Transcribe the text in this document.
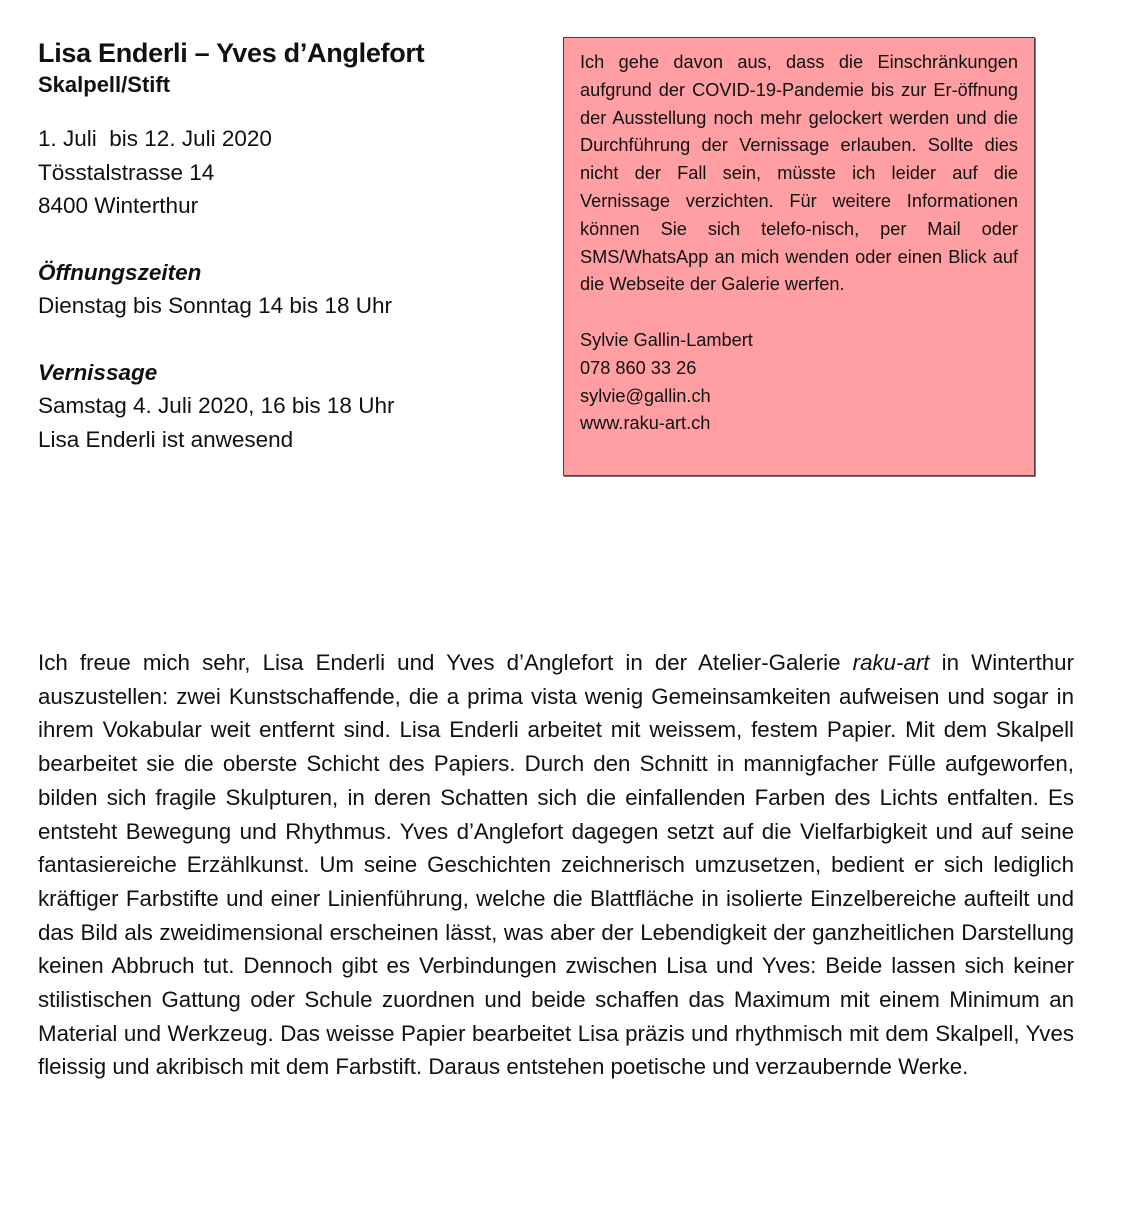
Lisa Enderli – Yves d’Anglefort
Skalpell/Stift

1. Juli  bis 12. Juli 2020

Tösstalstrasse 14

8400 Winterthur

Öffnungszeiten

Dienstag bis Sonntag 14 bis 18 Uhr

Vernissage

Samstag 4. Juli 2020, 16 bis 18 Uhr

Lisa Enderli ist anwesend

Ich gehe davon aus, dass die Einschränkungen aufgrund der COVID-19-Pandemie bis zur Er-öffnung der Ausstellung noch mehr gelockert werden und die Durchführung der Vernissage erlauben. Sollte dies nicht der Fall sein, müsste ich leider auf die Vernissage verzichten. Für weitere Informationen können Sie sich telefo-nisch, per Mail oder SMS/WhatsApp an mich wenden oder einen Blick auf die Webseite der Galerie werfen.

Sylvie Gallin-Lambert
078 860 33 26
sylvie@gallin.ch
www.raku-art.ch

Ich freue mich sehr, Lisa Enderli und Yves d’Anglefort in der Atelier-Galerie raku-art in Winterthur auszustellen: zwei Kunstschaffende, die a prima vista wenig Gemeinsamkeiten aufweisen und sogar in ihrem Vokabular weit entfernt sind. Lisa Enderli arbeitet mit weissem, festem Papier. Mit dem Skalpell bearbeitet sie die oberste Schicht des Papiers. Durch den Schnitt in mannigfacher Fülle aufgeworfen, bilden sich fragile Skulpturen, in deren Schatten sich die einfallenden Farben des Lichts entfalten. Es entsteht Bewegung und Rhythmus. Yves d’Anglefort dagegen setzt auf die Vielfarbigkeit und auf seine fantasiereiche Erzählkunst. Um seine Geschichten zeichnerisch umzusetzen, bedient er sich lediglich kräftiger Farbstifte und einer Linienführung, welche die Blattfläche in isolierte Einzelbereiche aufteilt und das Bild als zweidimensional erscheinen lässt, was aber der Lebendigkeit der ganzheitlichen Darstellung keinen Abbruch tut. Dennoch gibt es Verbindungen zwischen Lisa und Yves: Beide lassen sich keiner stilistischen Gattung oder Schule zuordnen und beide schaffen das Maximum mit einem Minimum an Material und Werkzeug. Das weisse Papier bearbeitet Lisa präzis und rhythmisch mit dem Skalpell, Yves fleissig und akribisch mit dem Farbstift. Daraus entstehen poetische und verzaubernde Werke.
